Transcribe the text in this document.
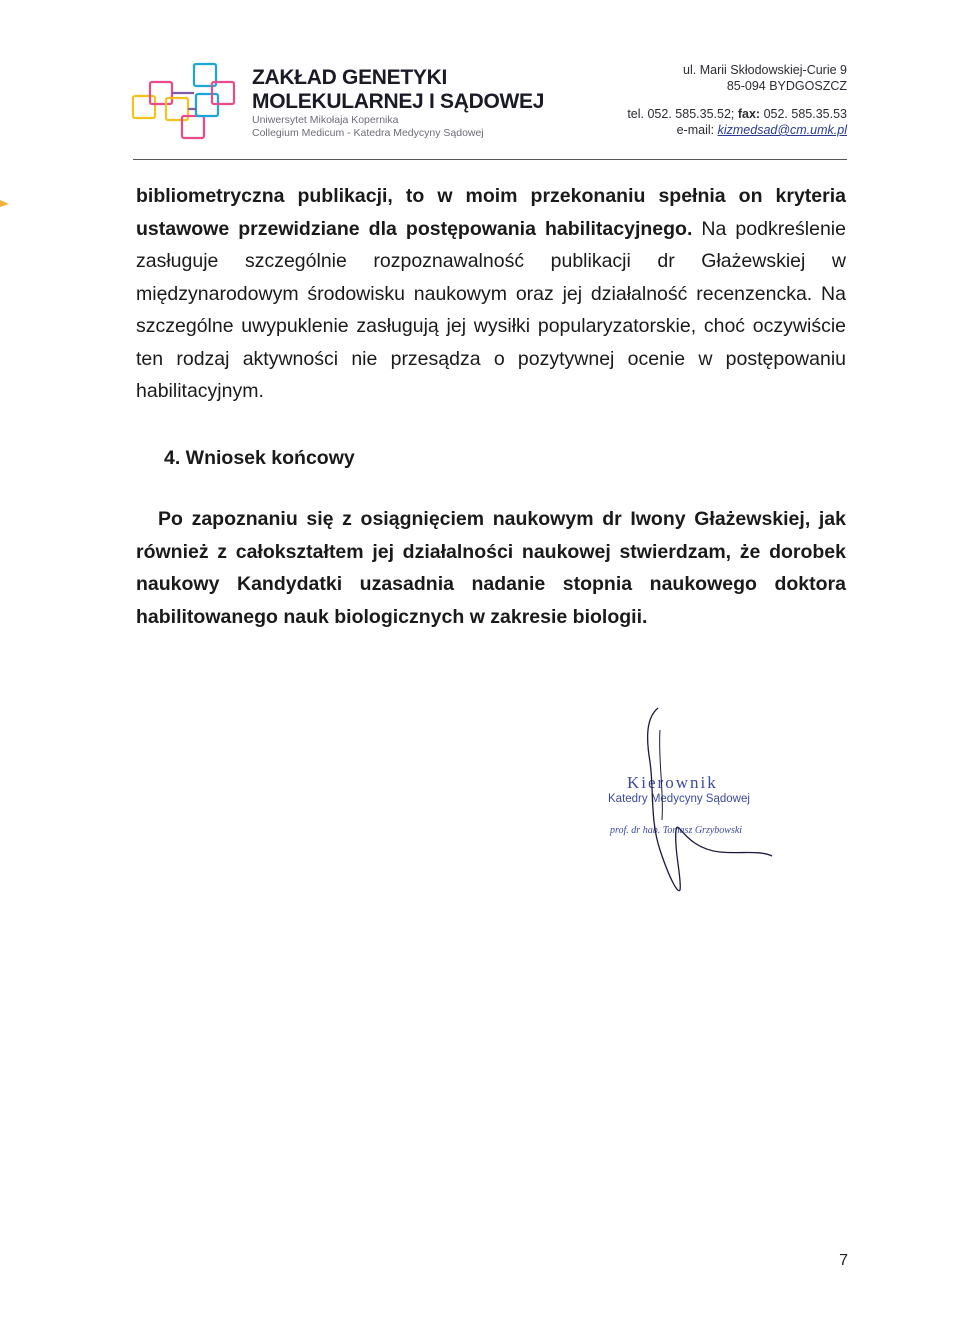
ZAKŁAD GENETYKI
MOLEKULARNEJ I SĄDOWEJ
Uniwersytet Mikołaja Kopernika
Collegium Medicum - Katedra Medycyny Sądowej
ul. Marii Skłodowskiej-Curie 9
85-094 BYDGOSZCZ
tel. 052. 585.35.52; fax: 052. 585.35.53
e-mail: kizmedsad@cm.umk.pl
bibliometryczna publikacji, to w moim przekonaniu spełnia on kryteria ustawowe przewidziane dla postępowania habilitacyjnego. Na podkreślenie zasługuje szczególnie rozpoznawalność publikacji dr Głażewskiej w międzynarodowym środowisku naukowym oraz jej działalność recenzencka. Na szczególne uwypuklenie zasługują jej wysiłki popularyzatorskie, choć oczywiście ten rodzaj aktywności nie przesądza o pozytywnej ocenie w postępowaniu habilitacyjnym.
4. Wniosek końcowy
Po zapoznaniu się z osiągnięciem naukowym dr Iwony Głażewskiej, jak również z całokształtem jej działalności naukowej stwierdzam, że dorobek naukowy Kandydatki uzasadnia nadanie stopnia naukowego doktora habilitowanego nauk biologicznych w zakresie biologii.
Kierownik
Katedry Medycyny Sądowej
prof. dr hab. Tomasz Grzybowski
7
